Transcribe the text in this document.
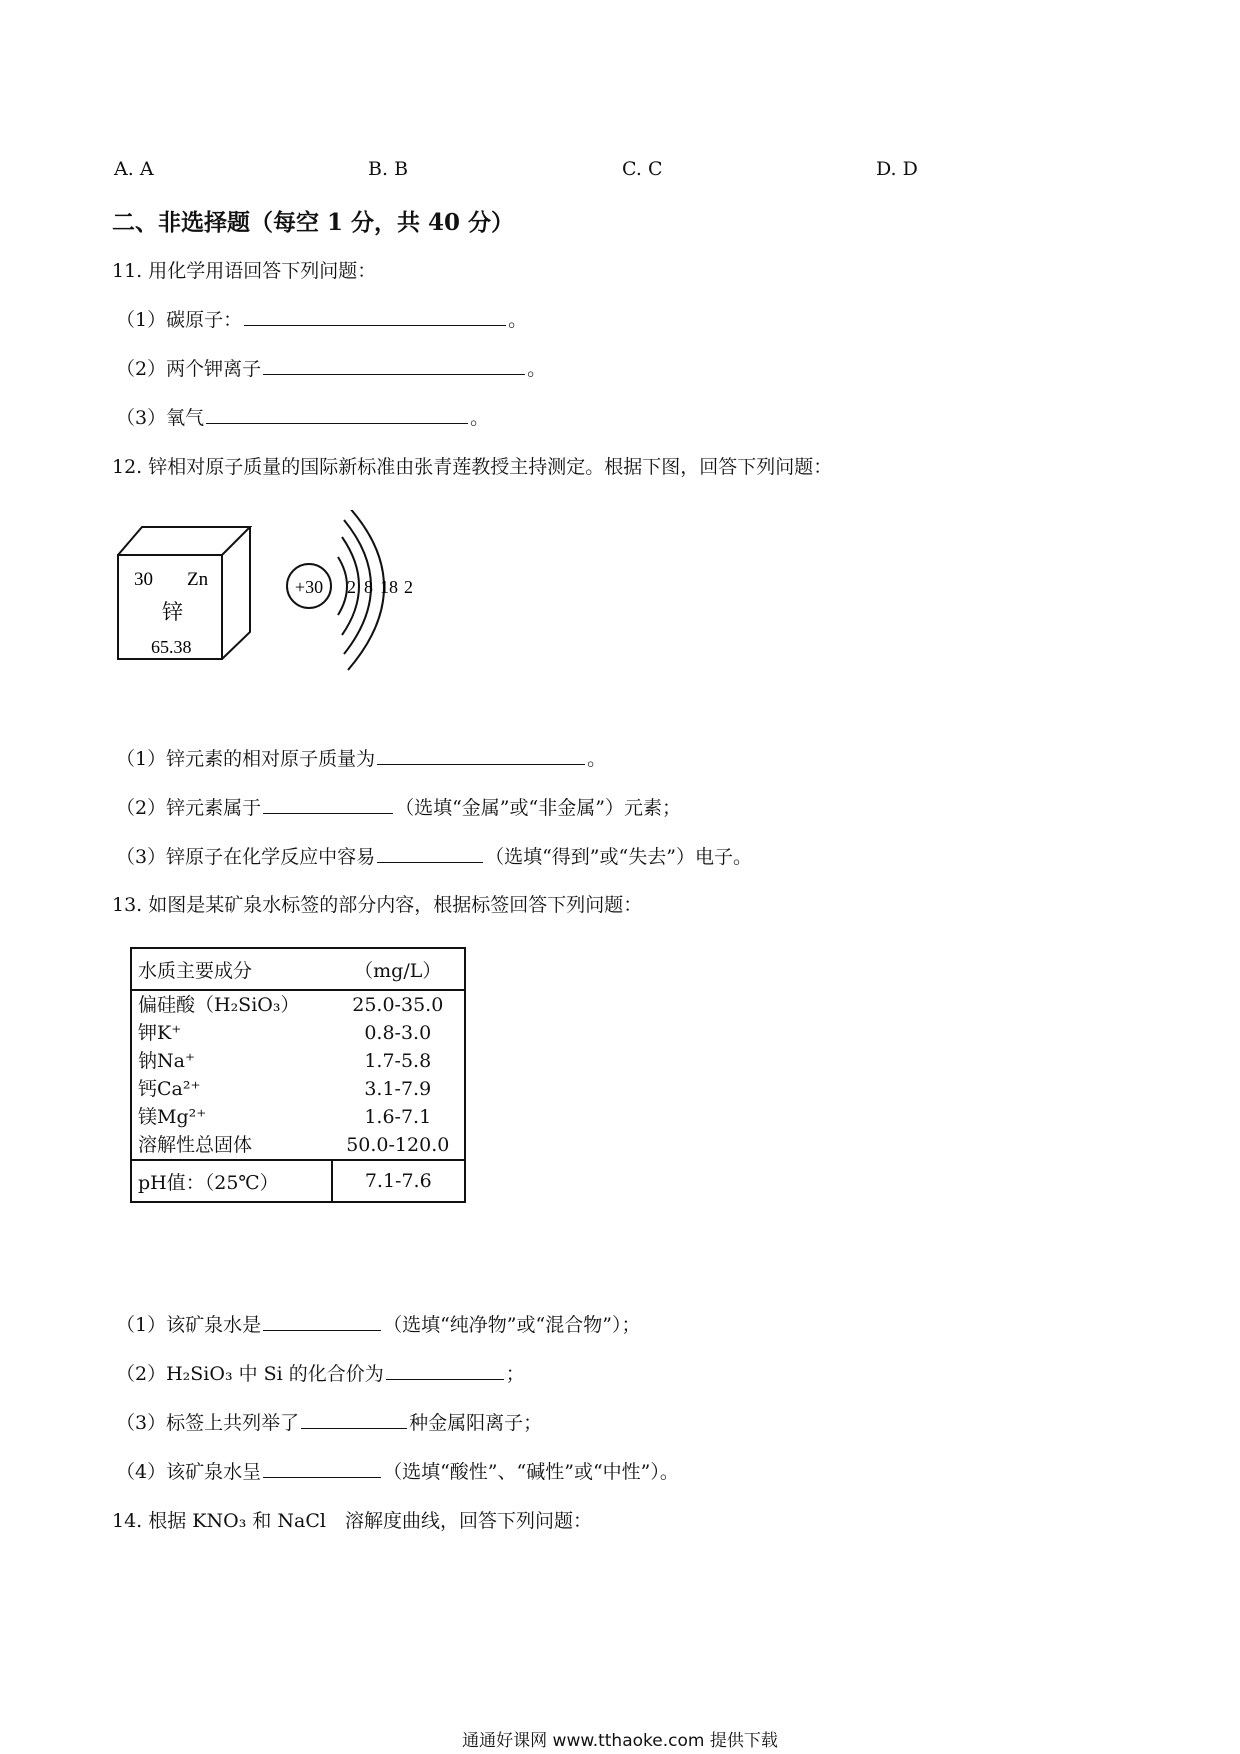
A. A	B. B	C. C	D. D
二、非选择题（每空 1 分，共 40 分）
11. 用化学用语回答下列问题：
（1）碳原子：	。
（2）两个钾离子	。
（3）氧气	。
12. 锌相对原子质量的国际新标准由张青莲教授主持测定。根据下图，回答下列问题：
30 Zn
锌
65.38
+30 2 8 18 2
（1）锌元素的相对原子质量为	。
（2）锌元素属于	（选填“金属”或“非金属”）元素；
（3）锌原子在化学反应中容易	（选填“得到”或“失去”）电子。
13. 如图是某矿泉水标签的部分内容，根据标签回答下列问题：
水质主要成分	（mg/L）
偏硅酸（H₂SiO₃）	25.0-35.0
钾K⁺	0.8-3.0
钠Na⁺	1.7-5.8
钙Ca²⁺	3.1-7.9
镁Mg²⁺	1.6-7.1
溶解性总固体	50.0-120.0
pH值：（25℃）	7.1-7.6
（1）该矿泉水是	（选填“纯净物”或“混合物”）；
（2）H₂SiO₃ 中 Si 的化合价为	；
（3）标签上共列举了	种金属阳离子；
（4）该矿泉水呈	（选填“酸性”、“碱性”或“中性”）。
14. 根据 KNO₃ 和 NaCl　溶解度曲线，回答下列问题：
通通好课网 www.tthaoke.com 提供下载
